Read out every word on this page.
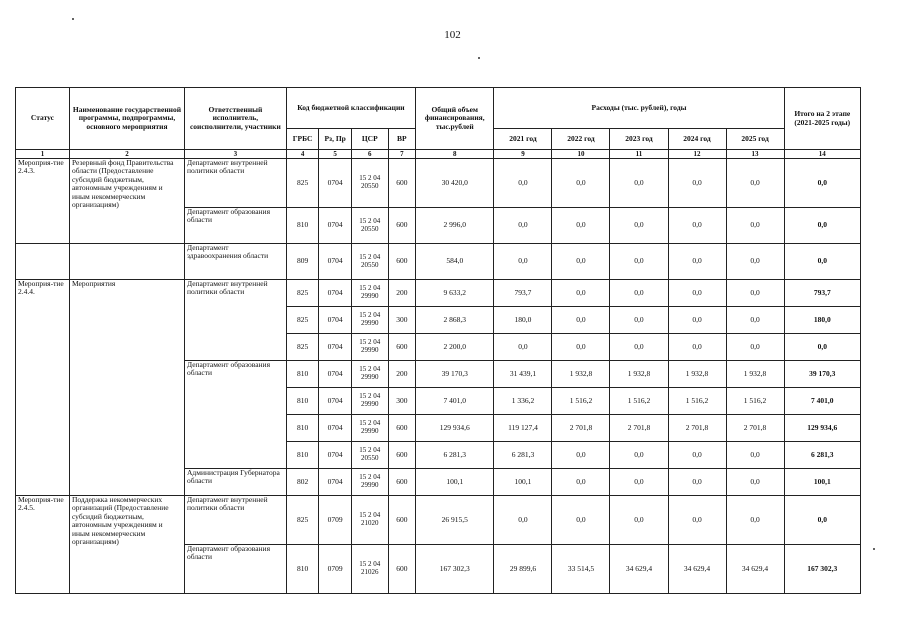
102
Статус	Наименование государственной программы, подпрограммы, основного мероприятия	Ответственный исполнитель, соисполнители, участники	Код бюджетной классификации				Общий объем финансирования, тыс.рублей	Расходы (тыс. рублей), годы					Итого на 2 этапе (2021-2025 годы)
			ГРБС	Рз, Пр	ЦСР	ВР		2021 год	2022 год	2023 год	2024 год	2025 год	
1	2	3	4	5	6	7	8	9	10	11	12	13	14
Мероприя-тие 2.4.3.	Резервный фонд Правительства области (Предоставление субсидий бюджетным, автономным учреждениям и иным некоммерческим организациям)	Департамент внутренней политики области	825	0704	15 2 04 20550	600	30 420,0	0,0	0,0	0,0	0,0	0,0	0,0
		Департамент образования области	810	0704	15 2 04 20550	600	2 996,0	0,0	0,0	0,0	0,0	0,0	0,0
		Департамент здравоохранения области	809	0704	15 2 04 20550	600	584,0	0,0	0,0	0,0	0,0	0,0	0,0
Мероприя-тие 2.4.4.	Мероприятия	Департамент внутренней политики области	825	0704	15 2 04 29990	200	9 633,2	793,7	0,0	0,0	0,0	0,0	793,7
			825	0704	15 2 04 29990	300	2 868,3	180,0	0,0	0,0	0,0	0,0	180,0
			825	0704	15 2 04 29990	600	2 200,0	0,0	0,0	0,0	0,0	0,0	0,0
		Департамент образования области	810	0704	15 2 04 29990	200	39 170,3	31 439,1	1 932,8	1 932,8	1 932,8	1 932,8	39 170,3
			810	0704	15 2 04 29990	300	7 401,0	1 336,2	1 516,2	1 516,2	1 516,2	1 516,2	7 401,0
			810	0704	15 2 04 29990	600	129 934,6	119 127,4	2 701,8	2 701,8	2 701,8	2 701,8	129 934,6
			810	0704	15 2 04 20550	600	6 281,3	6 281,3	0,0	0,0	0,0	0,0	6 281,3
		Администрация Губернатора области	802	0704	15 2 04 29990	600	100,1	100,1	0,0	0,0	0,0	0,0	100,1
Мероприя-тие 2.4.5.	Поддержка некоммерческих организаций (Предоставление субсидий бюджетным, автономным учреждениям и иным некоммерческим организациям)	Департамент внутренней политики области	825	0709	15 2 04 21020	600	26 915,5	0,0	0,0	0,0	0,0	0,0	0,0
		Департамент образования области	810	0709	15 2 04 21026	600	167 302,3	29 899,6	33 514,5	34 629,4	34 629,4	34 629,4	167 302,3
